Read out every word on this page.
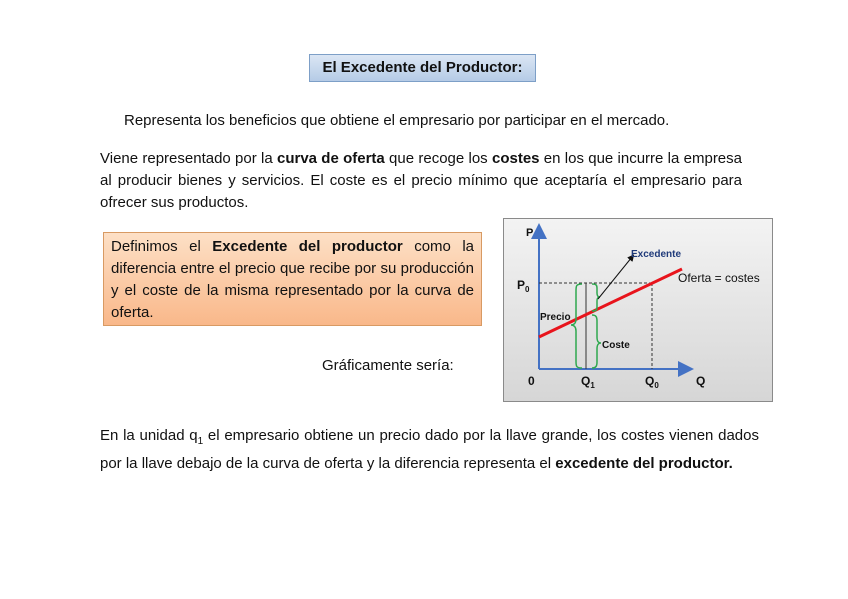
El Excedente del Productor:

Representa los beneficios que obtiene el empresario por participar en el mercado.

Viene representado por la curva de oferta que recoge los costes en los que incurre la empresa al producir bienes y servicios. El coste es el precio mínimo que aceptaría el empresario para ofrecer sus productos.

Definimos el Excedente del productor como la diferencia entre el precio que recibe por su producción y el coste de la misma representado por la curva de oferta.
Gráficamente sería:
P
Q
0
$P_0$
$Q_1$	$Q_0$
Oferta = costes
Excedente
Precio
Coste

En la unidad $q_1$ el empresario obtiene un precio dado por la llave grande, los costes vienen dados por la llave debajo de la curva de oferta y la diferencia representa el excedente del productor.
